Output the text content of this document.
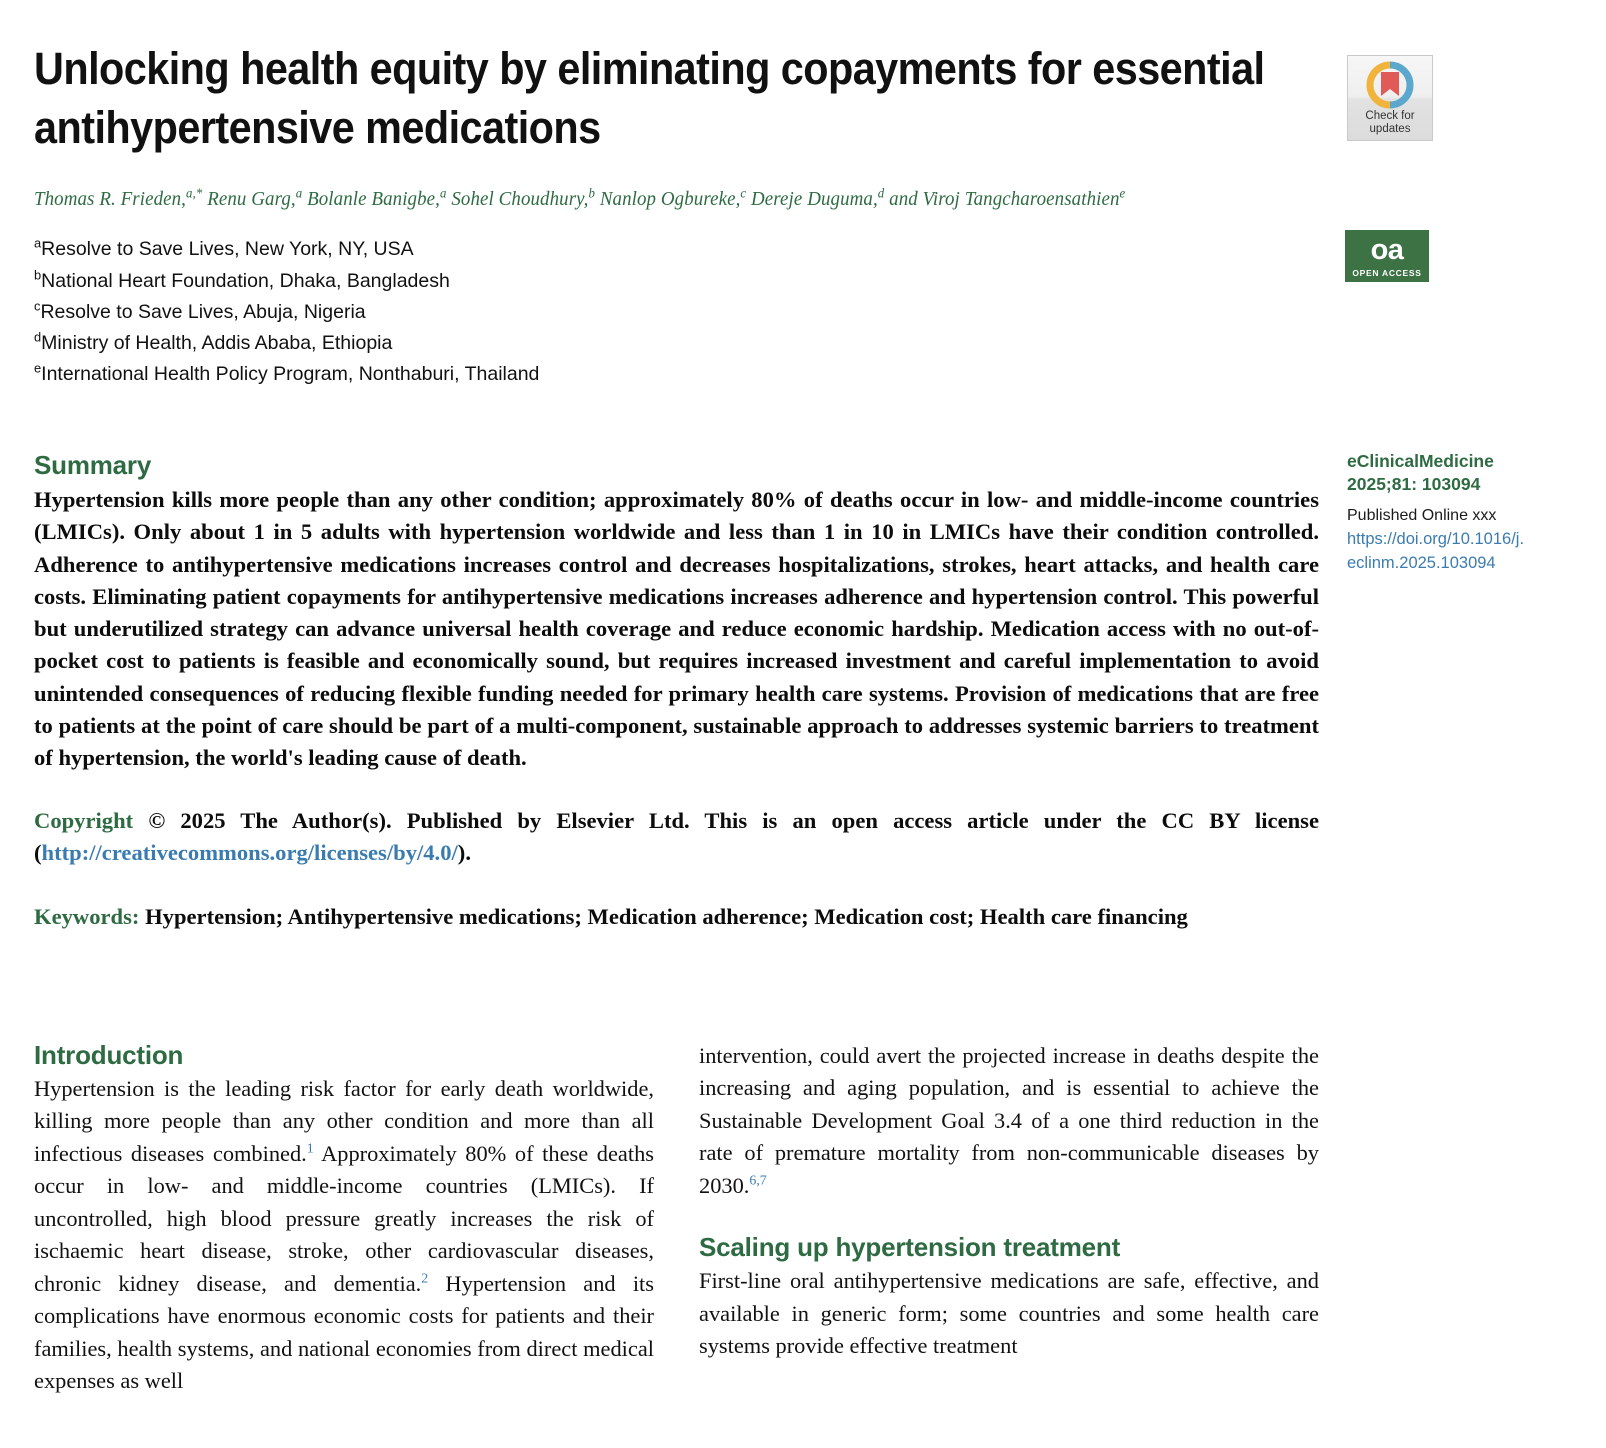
Unlocking health equity by eliminating copayments for essential antihypertensive medications
Thomas R. Frieden,$^{a,*}$ Renu Garg,$^a$ Bolanle Banigbe,$^a$ Sohel Choudhury,$^b$ Nanlop Ogbureke,$^c$ Dereje Duguma,$^d$ and Viroj Tangcharoensathien$^e$
$^a$Resolve to Save Lives, New York, NY, USA
$^b$National Heart Foundation, Dhaka, Bangladesh
$^c$Resolve to Save Lives, Abuja, Nigeria
$^d$Ministry of Health, Addis Ababa, Ethiopia
$^e$International Health Policy Program, Nonthaburi, Thailand
Check for
updates
oa
OPEN ACCESS
eClinicalMedicine
2025;81: 103094
Published Online xxx
https://doi.org/10.1016/j.eclinm.2025.103094
Summary
Hypertension kills more people than any other condition; approximately 80% of deaths occur in low- and middle-income countries (LMICs). Only about 1 in 5 adults with hypertension worldwide and less than 1 in 10 in LMICs have their condition controlled. Adherence to antihypertensive medications increases control and decreases hospitalizations, strokes, heart attacks, and health care costs. Eliminating patient copayments for antihypertensive medications increases adherence and hypertension control. This powerful but underutilized strategy can advance universal health coverage and reduce economic hardship. Medication access with no out-of-pocket cost to patients is feasible and economically sound, but requires increased investment and careful implementation to avoid unintended consequences of reducing flexible funding needed for primary health care systems. Provision of medications that are free to patients at the point of care should be part of a multi-component, sustainable approach to addresses systemic barriers to treatment of hypertension, the world's leading cause of death.
Copyright © 2025 The Author(s). Published by Elsevier Ltd. This is an open access article under the CC BY license (http://creativecommons.org/licenses/by/4.0/).
Keywords: Hypertension; Antihypertensive medications; Medication adherence; Medication cost; Health care financing
Introduction

Hypertension is the leading risk factor for early death worldwide, killing more people than any other condition and more than all infectious diseases combined.$^1$ Approximately 80% of these deaths occur in low- and middle-income countries (LMICs). If uncontrolled, high blood pressure greatly increases the risk of ischaemic heart disease, stroke, other cardiovascular diseases, chronic kidney disease, and dementia.$^2$ Hypertension and its complications have enormous economic costs for patients and their families, health systems, and national economies from direct medical expenses as well

intervention, could avert the projected increase in deaths despite the increasing and aging population, and is essential to achieve the Sustainable Development Goal 3.4 of a one third reduction in the rate of premature mortality from non-communicable diseases by 2030.$^{6,7}$

Scaling up hypertension treatment

First-line oral antihypertensive medications are safe, effective, and available in generic form; some countries and some health care systems provide effective treatment
